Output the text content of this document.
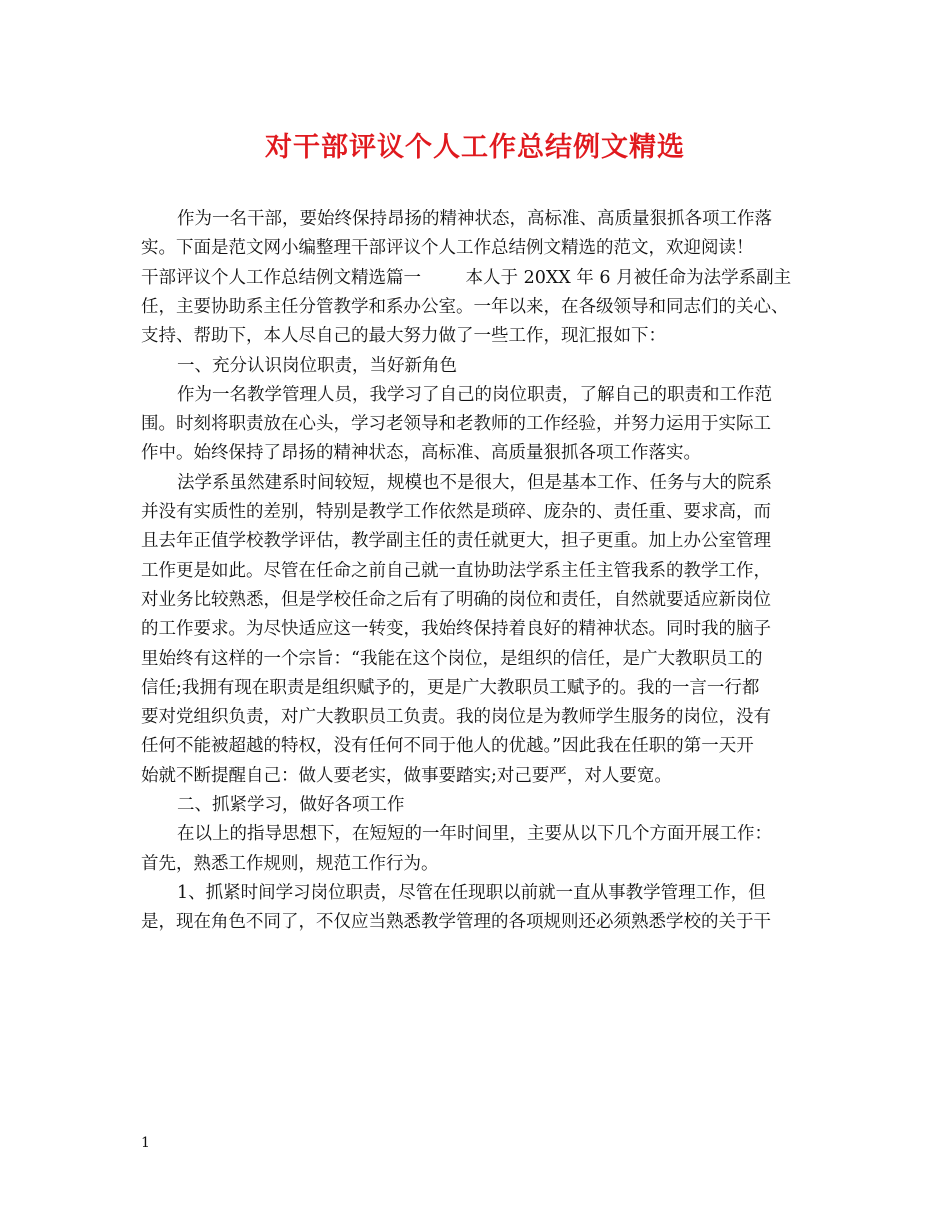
对干部评议个人工作总结例文精选
作为一名干部，要始终保持昂扬的精神状态，高标准、高质量狠抓各项工作落
实。下面是范文网小编整理干部评议个人工作总结例文精选的范文，欢迎阅读！
干部评议个人工作总结例文精选篇一        本人于 20XX 年 6 月被任命为法学系副主
任，主要协助系主任分管教学和系办公室。一年以来，在各级领导和同志们的关心、
支持、帮助下，本人尽自己的最大努力做了一些工作，现汇报如下：
一、充分认识岗位职责，当好新角色
作为一名教学管理人员，我学习了自己的岗位职责，了解自己的职责和工作范
围。时刻将职责放在心头，学习老领导和老教师的工作经验，并努力运用于实际工
作中。始终保持了昂扬的精神状态，高标准、高质量狠抓各项工作落实。
法学系虽然建系时间较短，规模也不是很大，但是基本工作、任务与大的院系
并没有实质性的差别，特别是教学工作依然是琐碎、庞杂的、责任重、要求高，而
且去年正值学校教学评估，教学副主任的责任就更大，担子更重。加上办公室管理
工作更是如此。尽管在任命之前自己就一直协助法学系主任主管我系的教学工作，
对业务比较熟悉，但是学校任命之后有了明确的岗位和责任，自然就要适应新岗位
的工作要求。为尽快适应这一转变，我始终保持着良好的精神状态。同时我的脑子
里始终有这样的一个宗旨：“我能在这个岗位，是组织的信任，是广大教职员工的
信任;我拥有现在职责是组织赋予的，更是广大教职员工赋予的。我的一言一行都
要对党组织负责，对广大教职员工负责。我的岗位是为教师学生服务的岗位，没有
任何不能被超越的特权，没有任何不同于他人的优越。”因此我在任职的第一天开
始就不断提醒自己：做人要老实，做事要踏实;对己要严，对人要宽。
二、抓紧学习，做好各项工作
在以上的指导思想下，在短短的一年时间里，主要从以下几个方面开展工作：
首先，熟悉工作规则，规范工作行为。
1、抓紧时间学习岗位职责，尽管在任现职以前就一直从事教学管理工作，但
是，现在角色不同了，不仅应当熟悉教学管理的各项规则还必须熟悉学校的关于干
1
